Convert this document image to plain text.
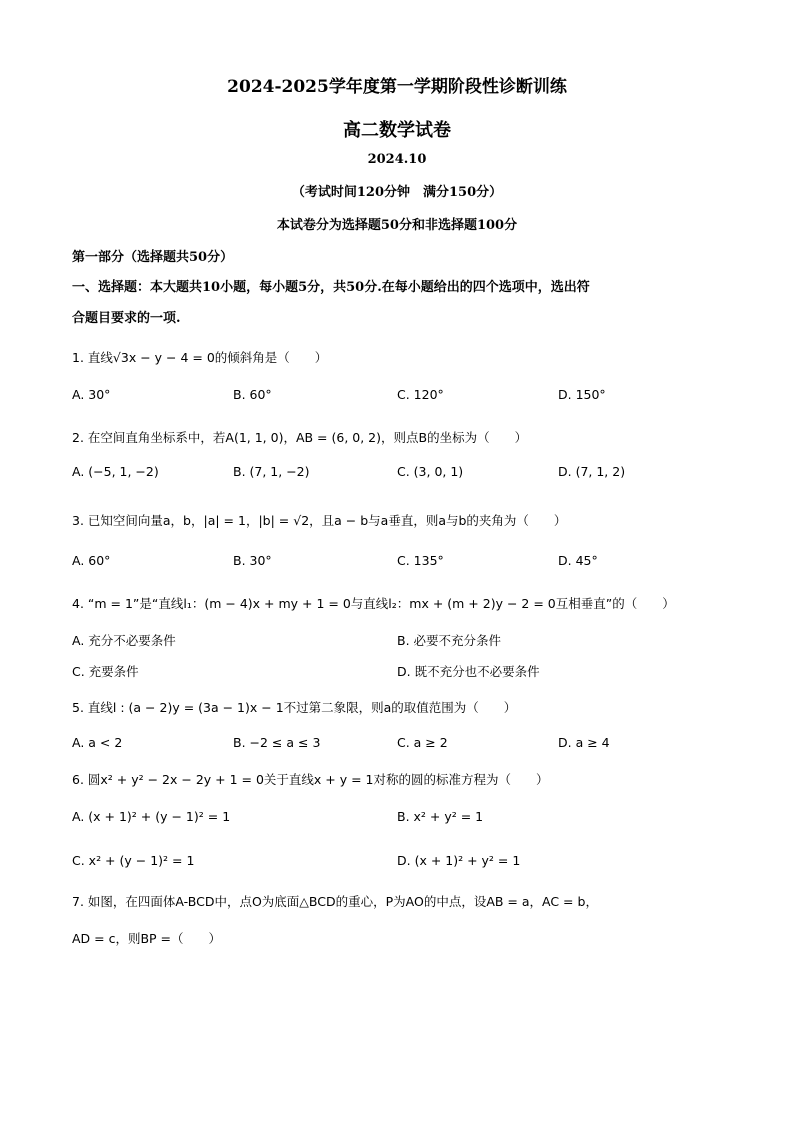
2024-2025学年度第一学期阶段性诊断训练
高二数学试卷
2024.10
（考试时间120分钟　满分150分）
本试卷分为选择题50分和非选择题100分
第一部分（选择题共50分）
一、选择题：本大题共10小题，每小题5分，共50分.在每小题给出的四个选项中，选出符
合题目要求的一项.
1. 直线√3x − y − 4 = 0的倾斜角是（　　）
A. 30°	B. 60°	C. 120°	D. 150°
2. 在空间直角坐标系中，若A(1, 1, 0)，AB = (6, 0, 2)，则点B的坐标为（　　）
A. (−5, 1, −2)	B. (7, 1, −2)	C. (3, 0, 1)	D. (7, 1, 2)
3. 已知空间向量a，b，|a| = 1，|b| = √2，且a − b与a垂直，则a与b的夹角为（　　）
A. 60°	B. 30°	C. 135°	D. 45°
4. “m = 1”是“直线l₁：(m − 4)x + my + 1 = 0与直线l₂：mx + (m + 2)y − 2 = 0互相垂直”的（　　）
A. 充分不必要条件	B. 必要不充分条件
C. 充要条件	D. 既不充分也不必要条件
5. 直线l : (a − 2)y = (3a − 1)x − 1不过第二象限，则a的取值范围为（　　）
A. a < 2	B. −2 ≤ a ≤ 3	C. a ≥ 2	D. a ≥ 4
6. 圆x² + y² − 2x − 2y + 1 = 0关于直线x + y = 1对称的圆的标准方程为（　　）
A. (x + 1)² + (y − 1)² = 1	B. x² + y² = 1
C. x² + (y − 1)² = 1	D. (x + 1)² + y² = 1
7. 如图，在四面体A-BCD中，点O为底面△BCD的重心，P为AO的中点，设AB = a，AC = b，
AD = c，则BP =（　　）
